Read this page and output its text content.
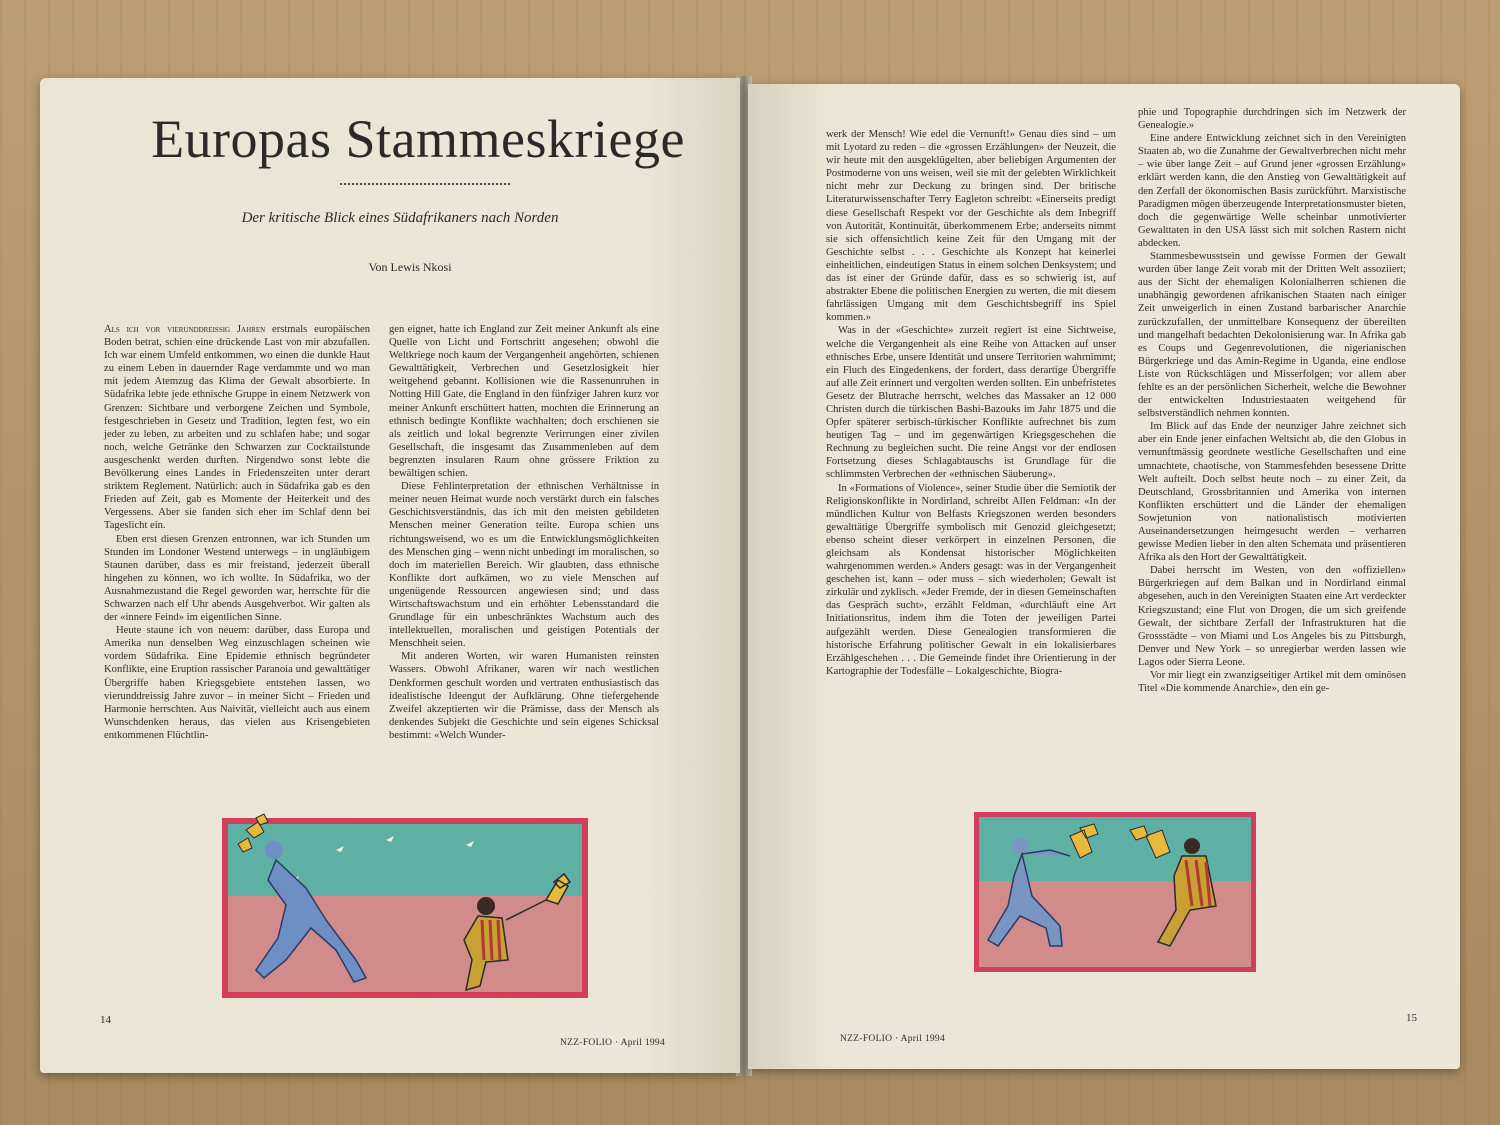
Europas Stammeskriege
Der kritische Blick eines Südafrikaners nach Norden
Von Lewis Nkosi

Als ich vor vierunddreissig Jahren erstmals europäischen Boden betrat, schien eine drückende Last von mir abzufallen. Ich war einem Umfeld entkommen, wo einen die dunkle Haut zu einem Leben in dauernder Rage verdammte und wo man mit jedem Atemzug das Klima der Gewalt absorbierte. In Südafrika lebte jede ethnische Gruppe in einem Netzwerk von Grenzen: Sichtbare und verborgene Zeichen und Symbole, festgeschrieben in Gesetz und Tradition, legten fest, wo ein jeder zu leben, zu arbeiten und zu schlafen habe; und sogar noch, welche Getränke den Schwarzen zur Cocktailstunde ausgeschenkt werden durften. Nirgendwo sonst lebte die Bevölkerung eines Landes in Friedenszeiten unter derart striktem Reglement. Natürlich: auch in Südafrika gab es den Frieden auf Zeit, gab es Momente der Heiterkeit und des Vergessens. Aber sie fanden sich eher im Schlaf denn bei Tageslicht ein.

Eben erst diesen Grenzen entronnen, war ich Stunden um Stunden im Londoner Westend unterwegs – in ungläubigem Staunen darüber, dass es mir freistand, jederzeit überall hingehen zu können, wo ich wollte. In Südafrika, wo der Ausnahmezustand die Regel geworden war, herrschte für die Schwarzen nach elf Uhr abends Ausgehverbot. Wir galten als der «innere Feind» im eigentlichen Sinne.

Heute staune ich von neuem: darüber, dass Europa und Amerika nun denselben Weg einzuschlagen scheinen wie vordem Südafrika. Eine Epidemie ethnisch begründeter Konflikte, eine Eruption rassischer Paranoia und gewalttätiger Übergriffe haben Kriegsgebiete entstehen lassen, wo vierunddreissig Jahre zuvor – in meiner Sicht – Frieden und Harmonie herrschten. Aus Naivität, vielleicht auch aus einem Wunschdenken heraus, das vielen aus Krisengebieten entkommenen Flüchtlin-

gen eignet, hatte ich England zur Zeit meiner Ankunft als eine Quelle von Licht und Fortschritt angesehen; obwohl die Weltkriege noch kaum der Vergangenheit angehörten, schienen Gewalttätigkeit, Verbrechen und Gesetzlosigkeit hier weitgehend gebannt. Kollisionen wie die Rassenunruhen in Notting Hill Gate, die England in den fünfziger Jahren kurz vor meiner Ankunft erschüttert hatten, mochten die Erinnerung an ethnisch bedingte Konflikte wachhalten; doch erschienen sie als zeitlich und lokal begrenzte Verirrungen einer zivilen Gesellschaft, die insgesamt das Zusammenleben auf dem begrenzten insularen Raum ohne grössere Friktion zu bewältigen schien.

Diese Fehlinterpretation der ethnischen Verhältnisse in meiner neuen Heimat wurde noch verstärkt durch ein falsches Geschichtsverständnis, das ich mit den meisten gebildeten Menschen meiner Generation teilte. Europa schien uns richtungsweisend, wo es um die Entwicklungsmöglichkeiten des Menschen ging – wenn nicht unbedingt im moralischen, so doch im materiellen Bereich. Wir glaubten, dass ethnische Konflikte dort aufkämen, wo zu viele Menschen auf ungenügende Ressourcen angewiesen sind; und dass Wirtschaftswachstum und ein erhöhter Lebensstandard die Grundlage für ein unbeschränktes Wachstum auch des intellektuellen, moralischen und geistigen Potentials der Menschheit seien.

Mit anderen Worten, wir waren Humanisten reinsten Wassers. Obwohl Afrikaner, waren wir nach westlichen Denkformen geschult worden und vertraten enthusiastisch das idealistische Ideengut der Aufklärung. Ohne tiefergehende Zweifel akzeptierten wir die Prämisse, dass der Mensch als denkendes Subjekt die Geschichte und sein eigenes Schicksal bestimmt: «Welch Wunder-

14
NZZ-FOLIO · April 1994

werk der Mensch! Wie edel die Vernunft!» Genau dies sind – um mit Lyotard zu reden – die «grossen Erzählungen» der Neuzeit, die wir heute mit den ausgeklügelten, aber beliebigen Argumenten der Postmoderne von uns weisen, weil sie mit der gelebten Wirklichkeit nicht mehr zur Deckung zu bringen sind. Der britische Literaturwissenschafter Terry Eagleton schreibt: «Einerseits predigt diese Gesellschaft Respekt vor der Geschichte als dem Inbegriff von Autorität, Kontinuität, überkommenem Erbe; anderseits nimmt sie sich offensichtlich keine Zeit für den Umgang mit der Geschichte selbst . . . Geschichte als Konzept hat keinerlei einheitlichen, eindeutigen Status in einem solchen Denksystem; und das ist einer der Gründe dafür, dass es so schwierig ist, auf abstrakter Ebene die politischen Energien zu werten, die mit diesem fahrlässigen Umgang mit dem Geschichtsbegriff ins Spiel kommen.»

Was in der «Geschichte» zurzeit regiert ist eine Sichtweise, welche die Vergangenheit als eine Reihe von Attacken auf unser ethnisches Erbe, unsere Identität und unsere Territorien wahrnimmt; ein Fluch des Eingedenkens, der fordert, dass derartige Übergriffe auf alle Zeit erinnert und vergolten werden sollten. Ein unbefristetes Gesetz der Blutrache herrscht, welches das Massaker an 12 000 Christen durch die türkischen Bashi-Bazouks im Jahr 1875 und die Opfer späterer serbisch-türkischer Konflikte aufrechnet bis zum heutigen Tag – und im gegenwärtigen Kriegsgeschehen die Rechnung zu begleichen sucht. Die reine Angst vor der endlosen Fortsetzung dieses Schlagabtauschs ist Grundlage für die schlimmsten Verbrechen der «ethnischen Säuberung».

In «Formations of Violence», seiner Studie über die Semiotik der Religionskonflikte in Nordirland, schreibt Allen Feldman: «In der mündlichen Kultur von Belfasts Kriegszonen werden besonders gewalttätige Übergriffe symbolisch mit Genozid gleichgesetzt; ebenso scheint dieser verkörpert in einzelnen Personen, die gleichsam als Kondensat historischer Möglichkeiten wahrgenommen werden.» Anders gesagt: was in der Vergangenheit geschehen ist, kann – oder muss – sich wiederholen; Gewalt ist zirkulär und zyklisch. «Jeder Fremde, der in diesen Gemeinschaften das Gespräch sucht», erzählt Feldman, «durchläuft eine Art Initiationsritus, indem ihm die Toten der jeweiligen Partei aufgezählt werden. Diese Genealogien transformieren die historische Erfahrung politischer Gewalt in ein lokalisierbares Erzählgeschehen . . . Die Gemeinde findet ihre Orientierung in der Kartographie der Todesfälle – Lokalgeschichte, Biogra-

phie und Topographie durchdringen sich im Netzwerk der Genealogie.»

Eine andere Entwicklung zeichnet sich in den Vereinigten Staaten ab, wo die Zunahme der Gewaltverbrechen nicht mehr – wie über lange Zeit – auf Grund jener «grossen Erzählung» erklärt werden kann, die den Anstieg von Gewalttätigkeit auf den Zerfall der ökonomischen Basis zurückführt. Marxistische Paradigmen mögen überzeugende Interpretationsmuster bieten, doch die gegenwärtige Welle scheinbar unmotivierter Gewalttaten in den USA lässt sich mit solchen Rastern nicht abdecken.

Stammesbewusstsein und gewisse Formen der Gewalt wurden über lange Zeit vorab mit der Dritten Welt assoziiert; aus der Sicht der ehemaligen Kolonialherren schienen die unabhängig gewordenen afrikanischen Staaten nach einiger Zeit unweigerlich in einen Zustand barbarischer Anarchie zurückzufallen, der unmittelbare Konsequenz der übereilten und mangelhaft bedachten Dekolonisierung war. In Afrika gab es Coups und Gegenrevolutionen, die nigerianischen Bürgerkriege und das Amin-Regime in Uganda, eine endlose Liste von Rückschlägen und Misserfolgen; vor allem aber fehlte es an der persönlichen Sicherheit, welche die Bewohner der entwickelten Industriestaaten weitgehend für selbstverständlich nehmen konnten.

Im Blick auf das Ende der neunziger Jahre zeichnet sich aber ein Ende jener einfachen Weltsicht ab, die den Globus in vernunftmässig geordnete westliche Gesellschaften und eine umnachtete, chaotische, von Stammesfehden besessene Dritte Welt aufteilt. Doch selbst heute noch – zu einer Zeit, da Deutschland, Grossbritannien und Amerika von internen Konflikten erschüttert und die Länder der ehemaligen Sowjetunion von nationalistisch motivierten Auseinandersetzungen heimgesucht werden – verharren gewisse Medien lieber in den alten Schemata und präsentieren Afrika als den Hort der Gewalttätigkeit.

Dabei herrscht im Westen, von den «offiziellen» Bürgerkriegen auf dem Balkan und in Nordirland einmal abgesehen, auch in den Vereinigten Staaten eine Art verdeckter Kriegszustand; eine Flut von Drogen, die um sich greifende Gewalt, der sichtbare Zerfall der Infrastrukturen hat die Grossstädte – von Miami und Los Angeles bis zu Pittsburgh, Denver und New York – so unregierbar werden lassen wie Lagos oder Sierra Leone.

Vor mir liegt ein zwanzigseitiger Artikel mit dem ominösen Titel «Die kommende Anarchie», den ein ge-

NZZ-FOLIO · April 1994
15
